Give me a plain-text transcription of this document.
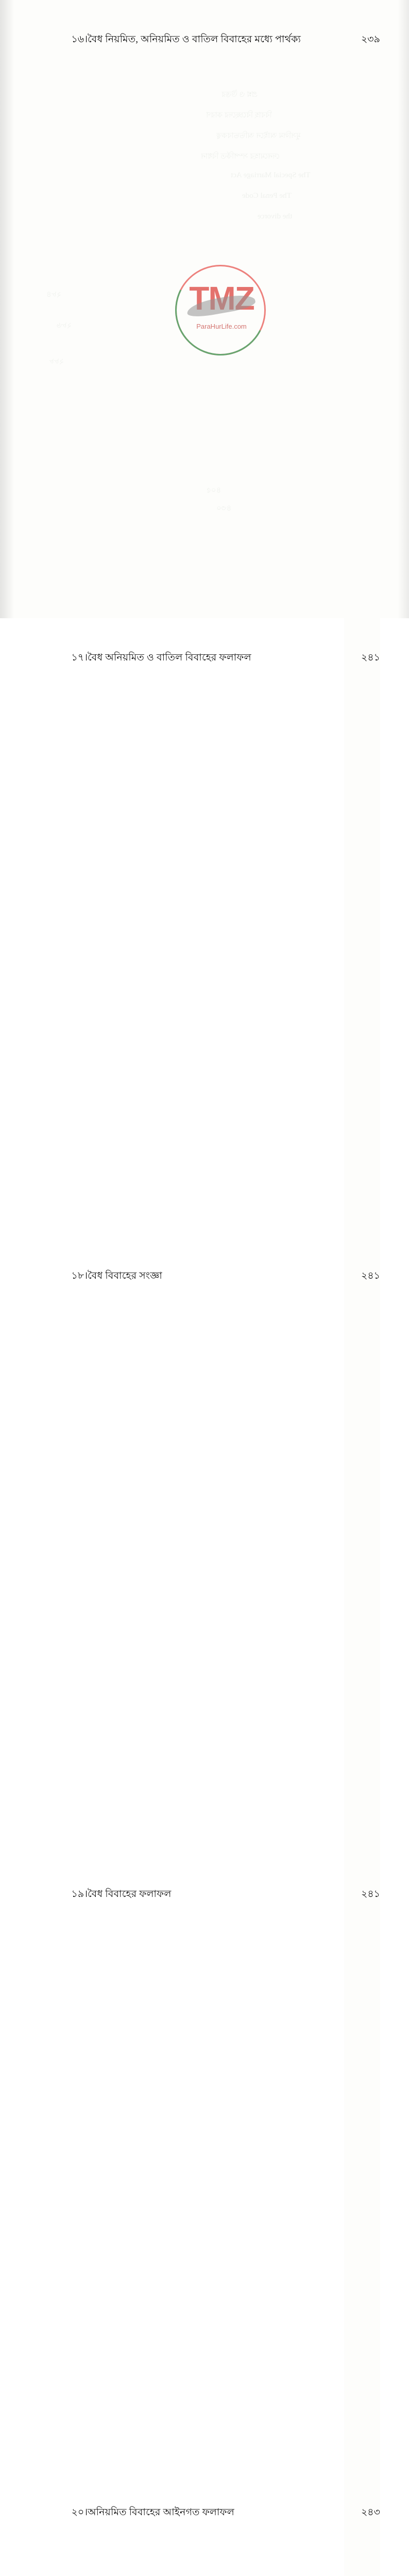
প্রশ্ন ও উত্তর
বিবাহ বিচ্ছেদের কারণ
মুসলিম আইনে অভিভাবকত্ব
দেনমোহর সম্পর্কিত বিধান
The Special Marriage Act
The Penal Code
the divorce
২৮৪
২৮৬
২৮৮
৪০৫
৪৩০
	১৬।	বৈধ নিয়মিত, অনিয়মিত ও বাতিল বিবাহের মধ্যে পার্থক্য	২৩৯
	১৭।	বৈধ অনিয়মিত ও বাতিল বিবাহের ফলাফল	২৪১
	১৮।	বৈধ বিবাহের সংজ্ঞা	২৪১
	১৯।	বৈধ বিবাহের ফলাফল	২৪১
	২০।	অনিয়মিত বিবাহের আইনগত ফলাফল	২৪৩

TMZ
ParaHurLife.com
